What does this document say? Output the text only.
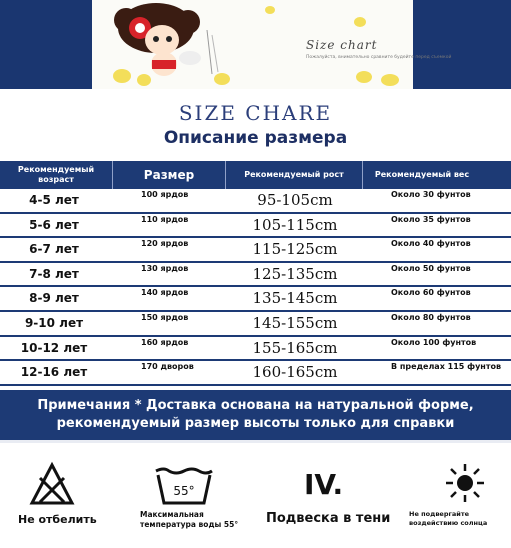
Size chart
Пожалуйста, внимательно сравните будейте перед съемкой
SIZE CHARE
Описание размера
Рекомендуемый возраст	Размер	Рекомендуемый рост	Рекомендуемый вес
4-5 лет	100 ярдов	95-105cm	Около 30 фунтов
5-6 лет	110 ярдов	105-115cm	Около 35 фунтов
6-7 лет	120 ярдов	115-125cm	Около 40 фунтов
7-8 лет	130 ярдов	125-135cm	Около 50 фунтов
8-9 лет	140 ярдов	135-145cm	Около 60 фунтов
9-10 лет	150 ярдов	145-155cm	Около 80 фунтов
10-12 лет	160 ярдов	155-165cm	Около 100 фунтов
12-16 лет	170 дворов	160-165cm	В пределах 115 фунтов
Примечания * Доставка основана на натуральной форме,
рекомендуемый размер высоты только для справки
Не отбелить
55°
Максимальная температура воды 55°
IV.
Подвеска в тени	Не подвергайте воздействию солнца
